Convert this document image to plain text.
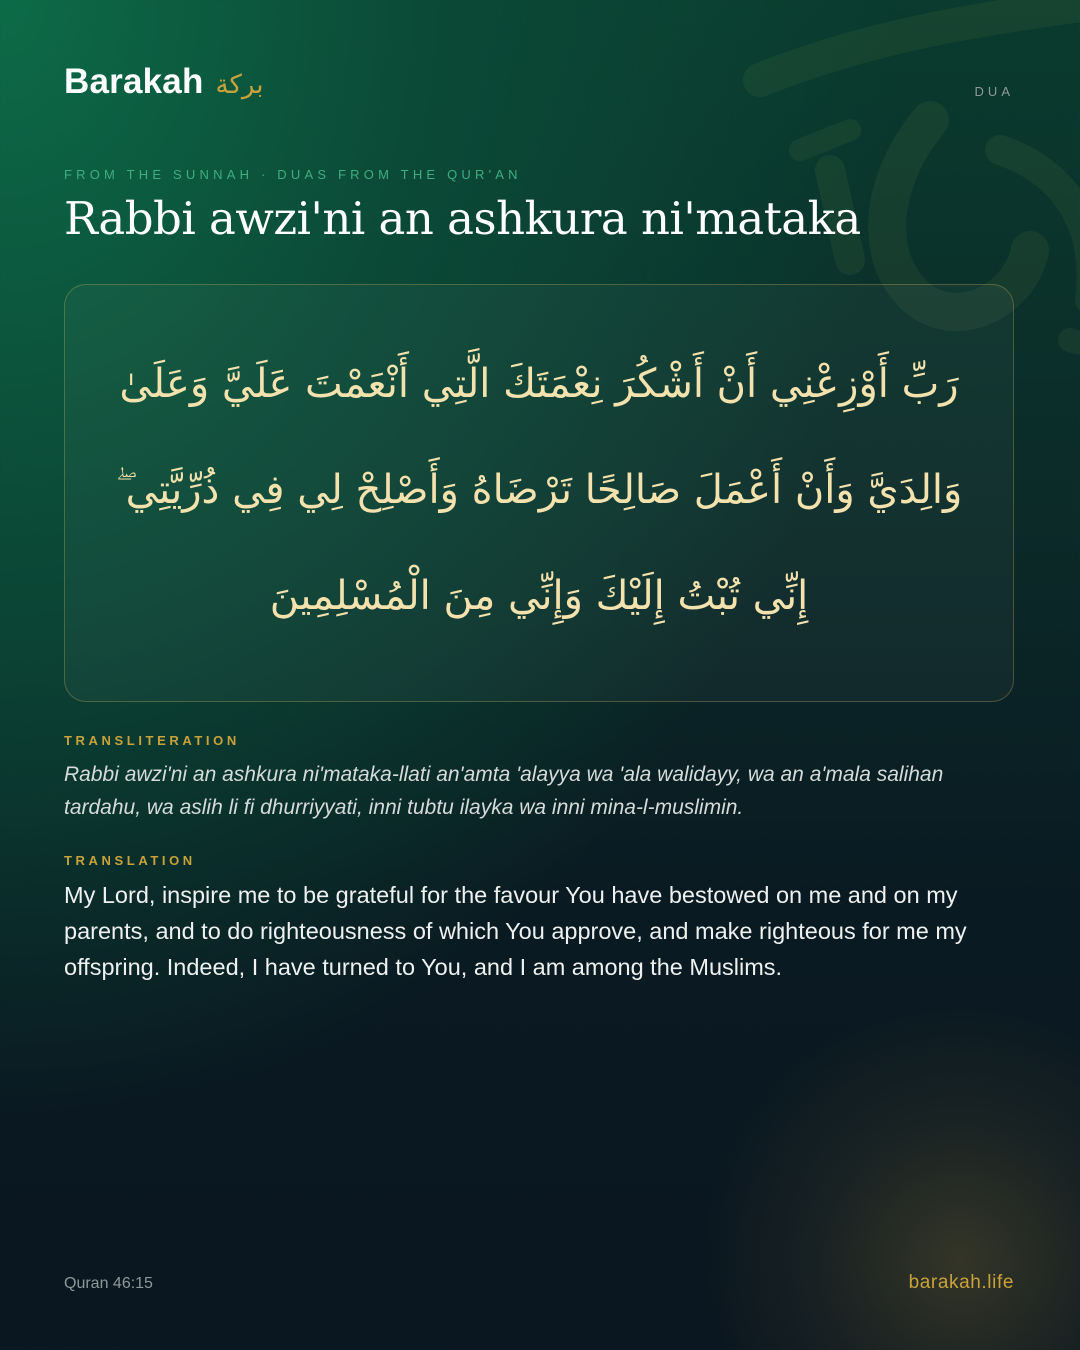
Barakah بركة	DUA
FROM THE SUNNAH · DUAS FROM THE QUR'AN
Rabbi awzi'ni an ashkura ni'mataka
رَبِّ أَوْزِعْنِي أَنْ أَشْكُرَ نِعْمَتَكَ الَّتِي أَنْعَمْتَ عَلَيَّ وَعَلَىٰ وَالِدَيَّ وَأَنْ أَعْمَلَ صَالِحًا تَرْضَاهُ وَأَصْلِحْ لِي فِي ذُرِّيَّتِي ۖ إِنِّي تُبْتُ إِلَيْكَ وَإِنِّي مِنَ الْمُسْلِمِينَ
TRANSLITERATION
Rabbi awzi'ni an ashkura ni'mataka-llati an'amta 'alayya wa 'ala walidayy, wa an a'mala salihan tardahu, wa aslih li fi dhurriyyati, inni tubtu ilayka wa inni mina-l-muslimin.
TRANSLATION
My Lord, inspire me to be grateful for the favour You have bestowed on me and on my parents, and to do righteousness of which You approve, and make righteous for me my offspring. Indeed, I have turned to You, and I am among the Muslims.
Quran 46:15	barakah.life
